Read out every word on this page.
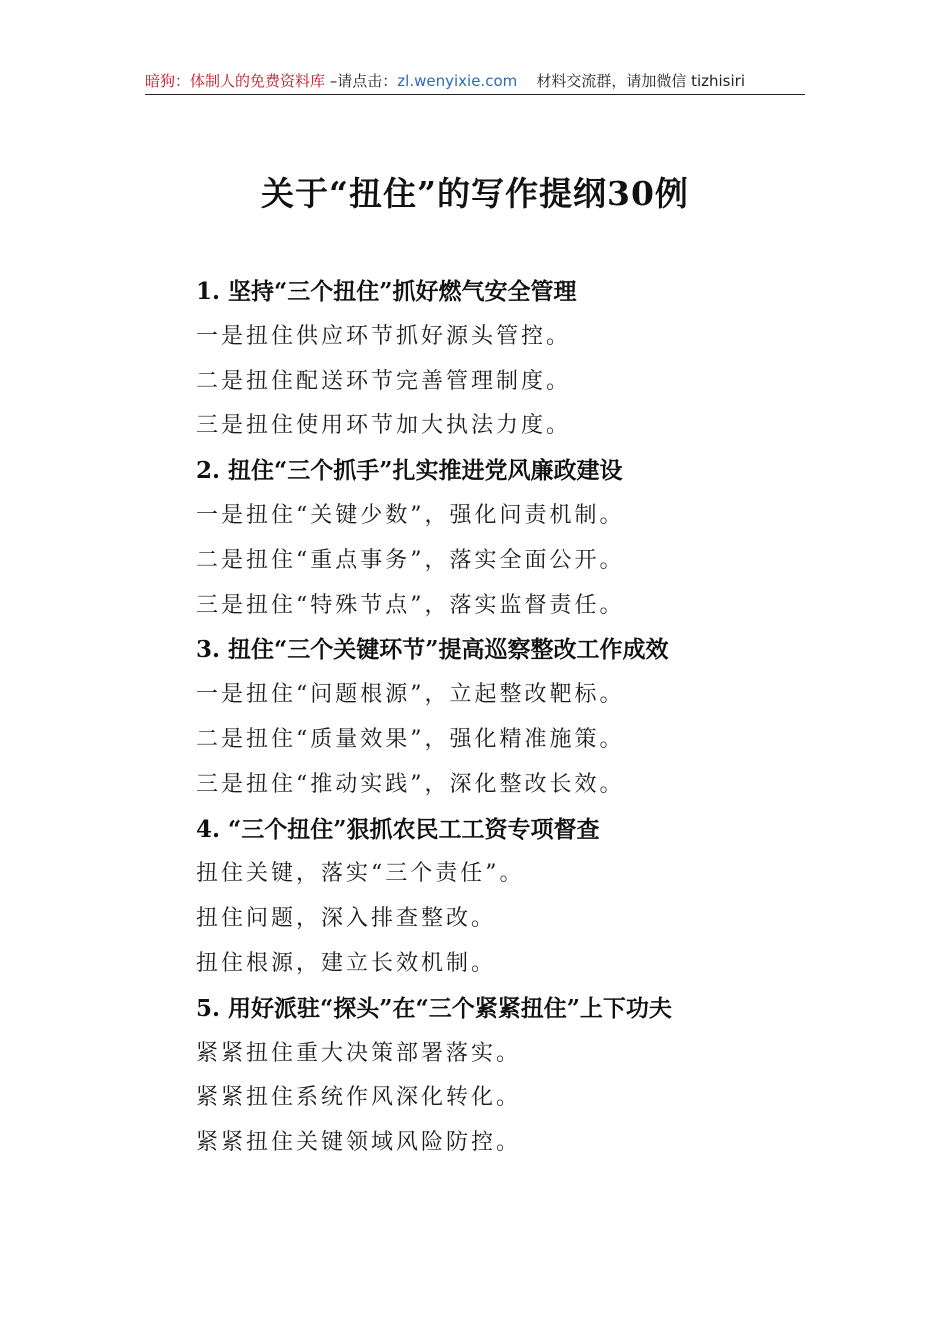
暗狗：体制人的免费资料库 –请点击：zl.wenyixie.com 材料交流群，请加微信 tizhisiri
关于“扭住”的写作提纲30例
1. 坚持“三个扭住”抓好燃气安全管理
一是扭住供应环节抓好源头管控。
二是扭住配送环节完善管理制度。
三是扭住使用环节加大执法力度。
2. 扭住“三个抓手”扎实推进党风廉政建设
一是扭住“关键少数”，强化问责机制。
二是扭住“重点事务”，落实全面公开。
三是扭住“特殊节点”，落实监督责任。
3. 扭住“三个关键环节”提高巡察整改工作成效
一是扭住“问题根源”，立起整改靶标。
二是扭住“质量效果”，强化精准施策。
三是扭住“推动实践”，深化整改长效。
4. “三个扭住”狠抓农民工工资专项督查
扭住关键，落实“三个责任”。
扭住问题，深入排查整改。
扭住根源，建立长效机制。
5. 用好派驻“探头”在“三个紧紧扭住”上下功夫
紧紧扭住重大决策部署落实。
紧紧扭住系统作风深化转化。
紧紧扭住关键领域风险防控。
